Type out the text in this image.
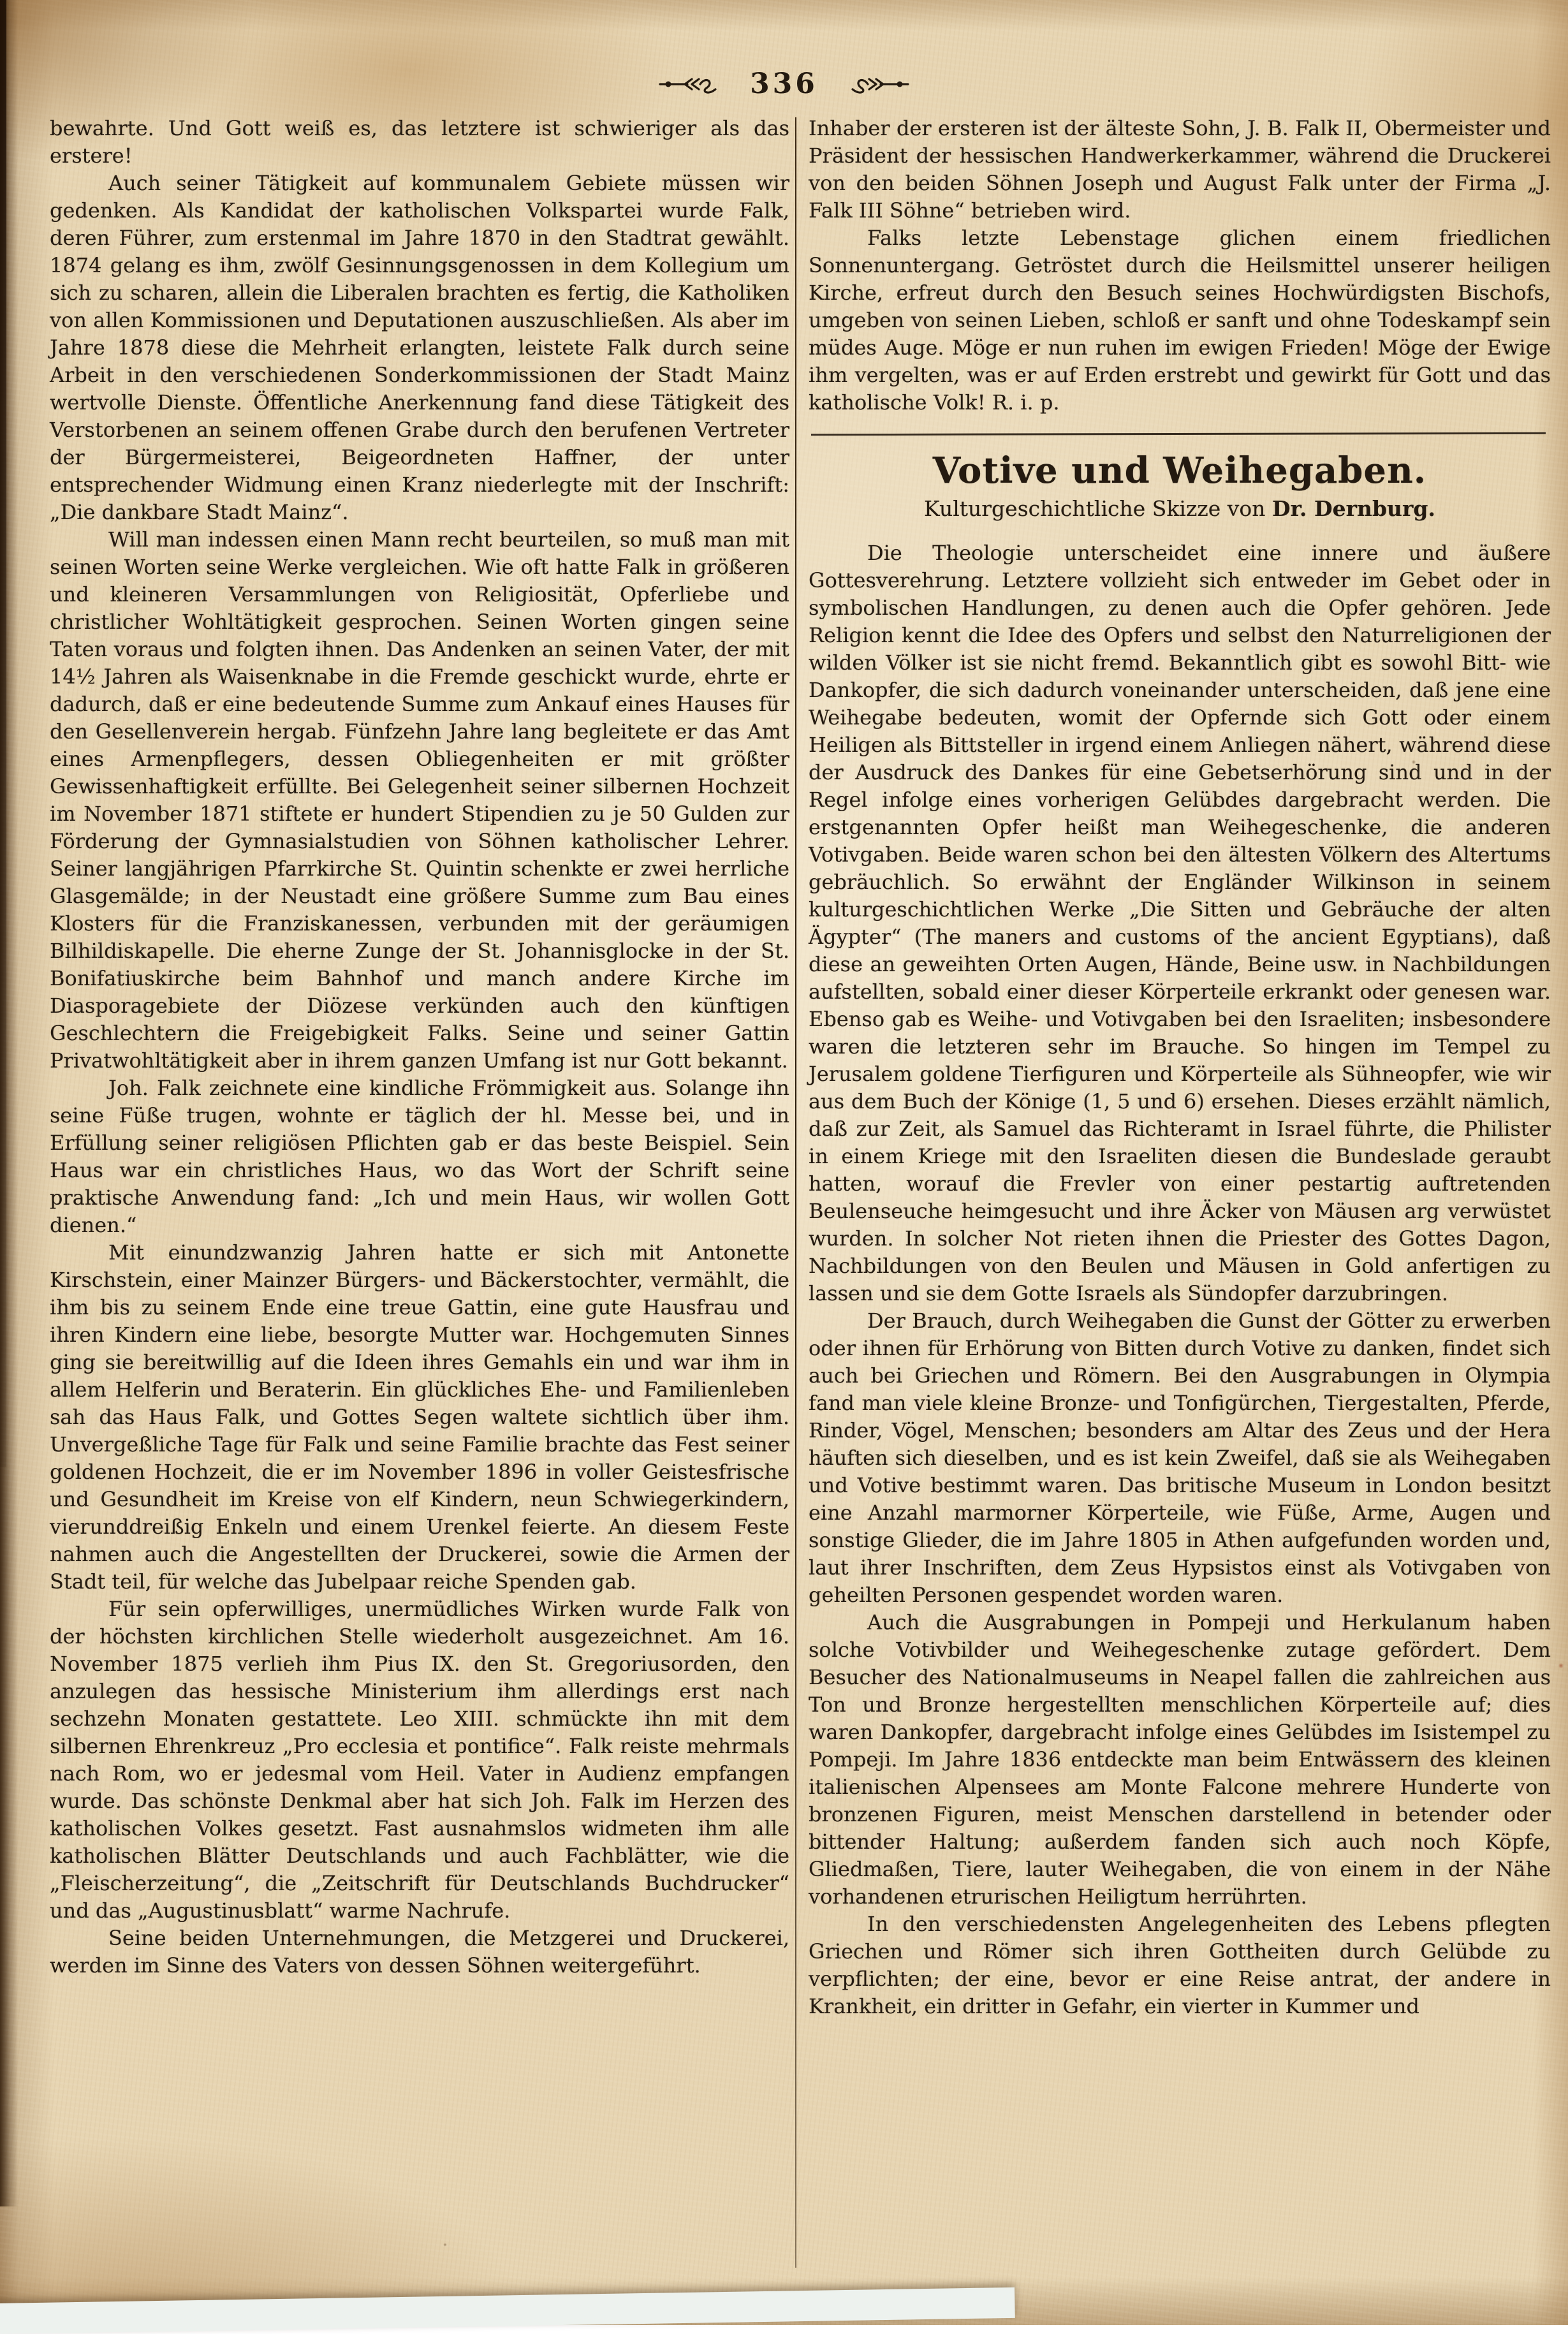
336

bewahrte. Und Gott weiß es, das letztere ist schwieriger als das erstere!

Auch seiner Tätigkeit auf kommunalem Gebiete müssen wir gedenken. Als Kandidat der katholischen Volkspartei wurde Falk, deren Führer, zum erstenmal im Jahre 1870 in den Stadtrat gewählt. 1874 gelang es ihm, zwölf Gesinnungsgenossen in dem Kollegium um sich zu scharen, allein die Liberalen brachten es fertig, die Katholiken von allen Kommissionen und Deputationen auszuschließen. Als aber im Jahre 1878 diese die Mehrheit erlangten, leistete Falk durch seine Arbeit in den verschiedenen Sonderkommissionen der Stadt Mainz wertvolle Dienste. Öffentliche Anerkennung fand diese Tätigkeit des Verstorbenen an seinem offenen Grabe durch den berufenen Vertreter der Bürgermeisterei, Beigeordneten Haffner, der unter entsprechender Widmung einen Kranz niederlegte mit der Inschrift: „Die dankbare Stadt Mainz“.

Will man indessen einen Mann recht beurteilen, so muß man mit seinen Worten seine Werke vergleichen. Wie oft hatte Falk in größeren und kleineren Versammlungen von Religiosität, Opferliebe und christlicher Wohltätigkeit gesprochen. Seinen Worten gingen seine Taten voraus und folgten ihnen. Das Andenken an seinen Vater, der mit 14½ Jahren als Waisenknabe in die Fremde geschickt wurde, ehrte er dadurch, daß er eine bedeutende Summe zum Ankauf eines Hauses für den Gesellenverein hergab. Fünfzehn Jahre lang begleitete er das Amt eines Armenpflegers, dessen Obliegenheiten er mit größter Gewissenhaftigkeit erfüllte. Bei Gelegenheit seiner silbernen Hochzeit im November 1871 stiftete er hundert Stipendien zu je 50 Gulden zur Förderung der Gymnasialstudien von Söhnen katholischer Lehrer. Seiner langjährigen Pfarrkirche St. Quintin schenkte er zwei herrliche Glasgemälde; in der Neustadt eine größere Summe zum Bau eines Klosters für die Franziskanessen, verbunden mit der geräumigen Bilhildiskapelle. Die eherne Zunge der St. Johannisglocke in der St. Bonifatiuskirche beim Bahnhof und manch andere Kirche im Diasporagebiete der Diözese verkünden auch den künftigen Geschlechtern die Freigebigkeit Falks. Seine und seiner Gattin Privatwohltätigkeit aber in ihrem ganzen Umfang ist nur Gott bekannt.

Joh. Falk zeichnete eine kindliche Frömmigkeit aus. Solange ihn seine Füße trugen, wohnte er täglich der hl. Messe bei, und in Erfüllung seiner religiösen Pflichten gab er das beste Beispiel. Sein Haus war ein christliches Haus, wo das Wort der Schrift seine praktische Anwendung fand: „Ich und mein Haus, wir wollen Gott dienen.“

Mit einundzwanzig Jahren hatte er sich mit Antonette Kirschstein, einer Mainzer Bürgers- und Bäckerstochter, vermählt, die ihm bis zu seinem Ende eine treue Gattin, eine gute Hausfrau und ihren Kindern eine liebe, besorgte Mutter war. Hochgemuten Sinnes ging sie bereitwillig auf die Ideen ihres Gemahls ein und war ihm in allem Helferin und Beraterin. Ein glückliches Ehe- und Familienleben sah das Haus Falk, und Gottes Segen waltete sichtlich über ihm. Unvergeßliche Tage für Falk und seine Familie brachte das Fest seiner goldenen Hochzeit, die er im November 1896 in voller Geistesfrische und Gesundheit im Kreise von elf Kindern, neun Schwiegerkindern, vierunddreißig Enkeln und einem Urenkel feierte. An diesem Feste nahmen auch die Angestellten der Druckerei, sowie die Armen der Stadt teil, für welche das Jubelpaar reiche Spenden gab.

Für sein opferwilliges, unermüdliches Wirken wurde Falk von der höchsten kirchlichen Stelle wiederholt ausgezeichnet. Am 16. November 1875 verlieh ihm Pius IX. den St. Gregoriusorden, den anzulegen das hessische Ministerium ihm allerdings erst nach sechzehn Monaten gestattete. Leo XIII. schmückte ihn mit dem silbernen Ehrenkreuz „Pro ecclesia et pontifice“. Falk reiste mehrmals nach Rom, wo er jedesmal vom Heil. Vater in Audienz empfangen wurde. Das schönste Denkmal aber hat sich Joh. Falk im Herzen des katholischen Volkes gesetzt. Fast ausnahmslos widmeten ihm alle katholischen Blätter Deutschlands und auch Fachblätter, wie die „Fleischerzeitung“, die „Zeitschrift für Deutschlands Buchdrucker“ und das „Augustinusblatt“ warme Nachrufe.

Seine beiden Unternehmungen, die Metzgerei und Druckerei, werden im Sinne des Vaters von dessen Söhnen weitergeführt.

Inhaber der ersteren ist der älteste Sohn, J. B. Falk II, Obermeister und Präsident der hessischen Handwerkerkammer, während die Druckerei von den beiden Söhnen Joseph und August Falk unter der Firma „J. Falk III Söhne“ betrieben wird.

Falks letzte Lebenstage glichen einem friedlichen Sonnenuntergang. Getröstet durch die Heilsmittel unserer heiligen Kirche, erfreut durch den Besuch seines Hochwürdigsten Bischofs, umgeben von seinen Lieben, schloß er sanft und ohne Todeskampf sein müdes Auge. Möge er nun ruhen im ewigen Frieden! Möge der Ewige ihm vergelten, was er auf Erden erstrebt und gewirkt für Gott und das katholische Volk! R. i. p.

Votive und Weihegaben.

Kulturgeschichtliche Skizze von Dr. Dernburg.

Die Theologie unterscheidet eine innere und äußere Gottesverehrung. Letztere vollzieht sich entweder im Gebet oder in symbolischen Handlungen, zu denen auch die Opfer gehören. Jede Religion kennt die Idee des Opfers und selbst den Naturreligionen der wilden Völker ist sie nicht fremd. Bekanntlich gibt es sowohl Bitt- wie Dankopfer, die sich dadurch voneinander unterscheiden, daß jene eine Weihegabe bedeuten, womit der Opfernde sich Gott oder einem Heiligen als Bittsteller in irgend einem Anliegen nähert, während diese der Ausdruck des Dankes für eine Gebetserhörung sind und in der Regel infolge eines vorherigen Gelübdes dargebracht werden. Die erstgenannten Opfer heißt man Weihegeschenke, die anderen Votivgaben. Beide waren schon bei den ältesten Völkern des Altertums gebräuchlich. So erwähnt der Engländer Wilkinson in seinem kulturgeschichtlichen Werke „Die Sitten und Gebräuche der alten Ägypter“ (The maners and customs of the ancient Egyptians), daß diese an geweihten Orten Augen, Hände, Beine usw. in Nachbildungen aufstellten, sobald einer dieser Körperteile erkrankt oder genesen war. Ebenso gab es Weihe- und Votivgaben bei den Israeliten; insbesondere waren die letzteren sehr im Brauche. So hingen im Tempel zu Jerusalem goldene Tierfiguren und Körperteile als Sühneopfer, wie wir aus dem Buch der Könige (1, 5 und 6) ersehen. Dieses erzählt nämlich, daß zur Zeit, als Samuel das Richteramt in Israel führte, die Philister in einem Kriege mit den Israeliten diesen die Bundeslade geraubt hatten, worauf die Frevler von einer pestartig auftretenden Beulenseuche heimgesucht und ihre Äcker von Mäusen arg verwüstet wurden. In solcher Not rieten ihnen die Priester des Gottes Dagon, Nachbildungen von den Beulen und Mäusen in Gold anfertigen zu lassen und sie dem Gotte Israels als Sündopfer darzubringen.

Der Brauch, durch Weihegaben die Gunst der Götter zu erwerben oder ihnen für Erhörung von Bitten durch Votive zu danken, findet sich auch bei Griechen und Römern. Bei den Ausgrabungen in Olympia fand man viele kleine Bronze- und Tonfigürchen, Tiergestalten, Pferde, Rinder, Vögel, Menschen; besonders am Altar des Zeus und der Hera häuften sich dieselben, und es ist kein Zweifel, daß sie als Weihegaben und Votive bestimmt waren. Das britische Museum in London besitzt eine Anzahl marmorner Körperteile, wie Füße, Arme, Augen und sonstige Glieder, die im Jahre 1805 in Athen aufgefunden worden und, laut ihrer Inschriften, dem Zeus Hypsistos einst als Votivgaben von geheilten Personen gespendet worden waren.

Auch die Ausgrabungen in Pompeji und Herkulanum haben solche Votivbilder und Weihegeschenke zutage gefördert. Dem Besucher des Nationalmuseums in Neapel fallen die zahlreichen aus Ton und Bronze hergestellten menschlichen Körperteile auf; dies waren Dankopfer, dargebracht infolge eines Gelübdes im Isistempel zu Pompeji. Im Jahre 1836 entdeckte man beim Entwässern des kleinen italienischen Alpensees am Monte Falcone mehrere Hunderte von bronzenen Figuren, meist Menschen darstellend in betender oder bittender Haltung; außerdem fanden sich auch noch Köpfe, Gliedmaßen, Tiere, lauter Weihegaben, die von einem in der Nähe vorhandenen etrurischen Heiligtum herrührten.

In den verschiedensten Angelegenheiten des Lebens pflegten Griechen und Römer sich ihren Gottheiten durch Gelübde zu verpflichten; der eine, bevor er eine Reise antrat, der andere in Krankheit, ein dritter in Gefahr, ein vierter in Kummer und
